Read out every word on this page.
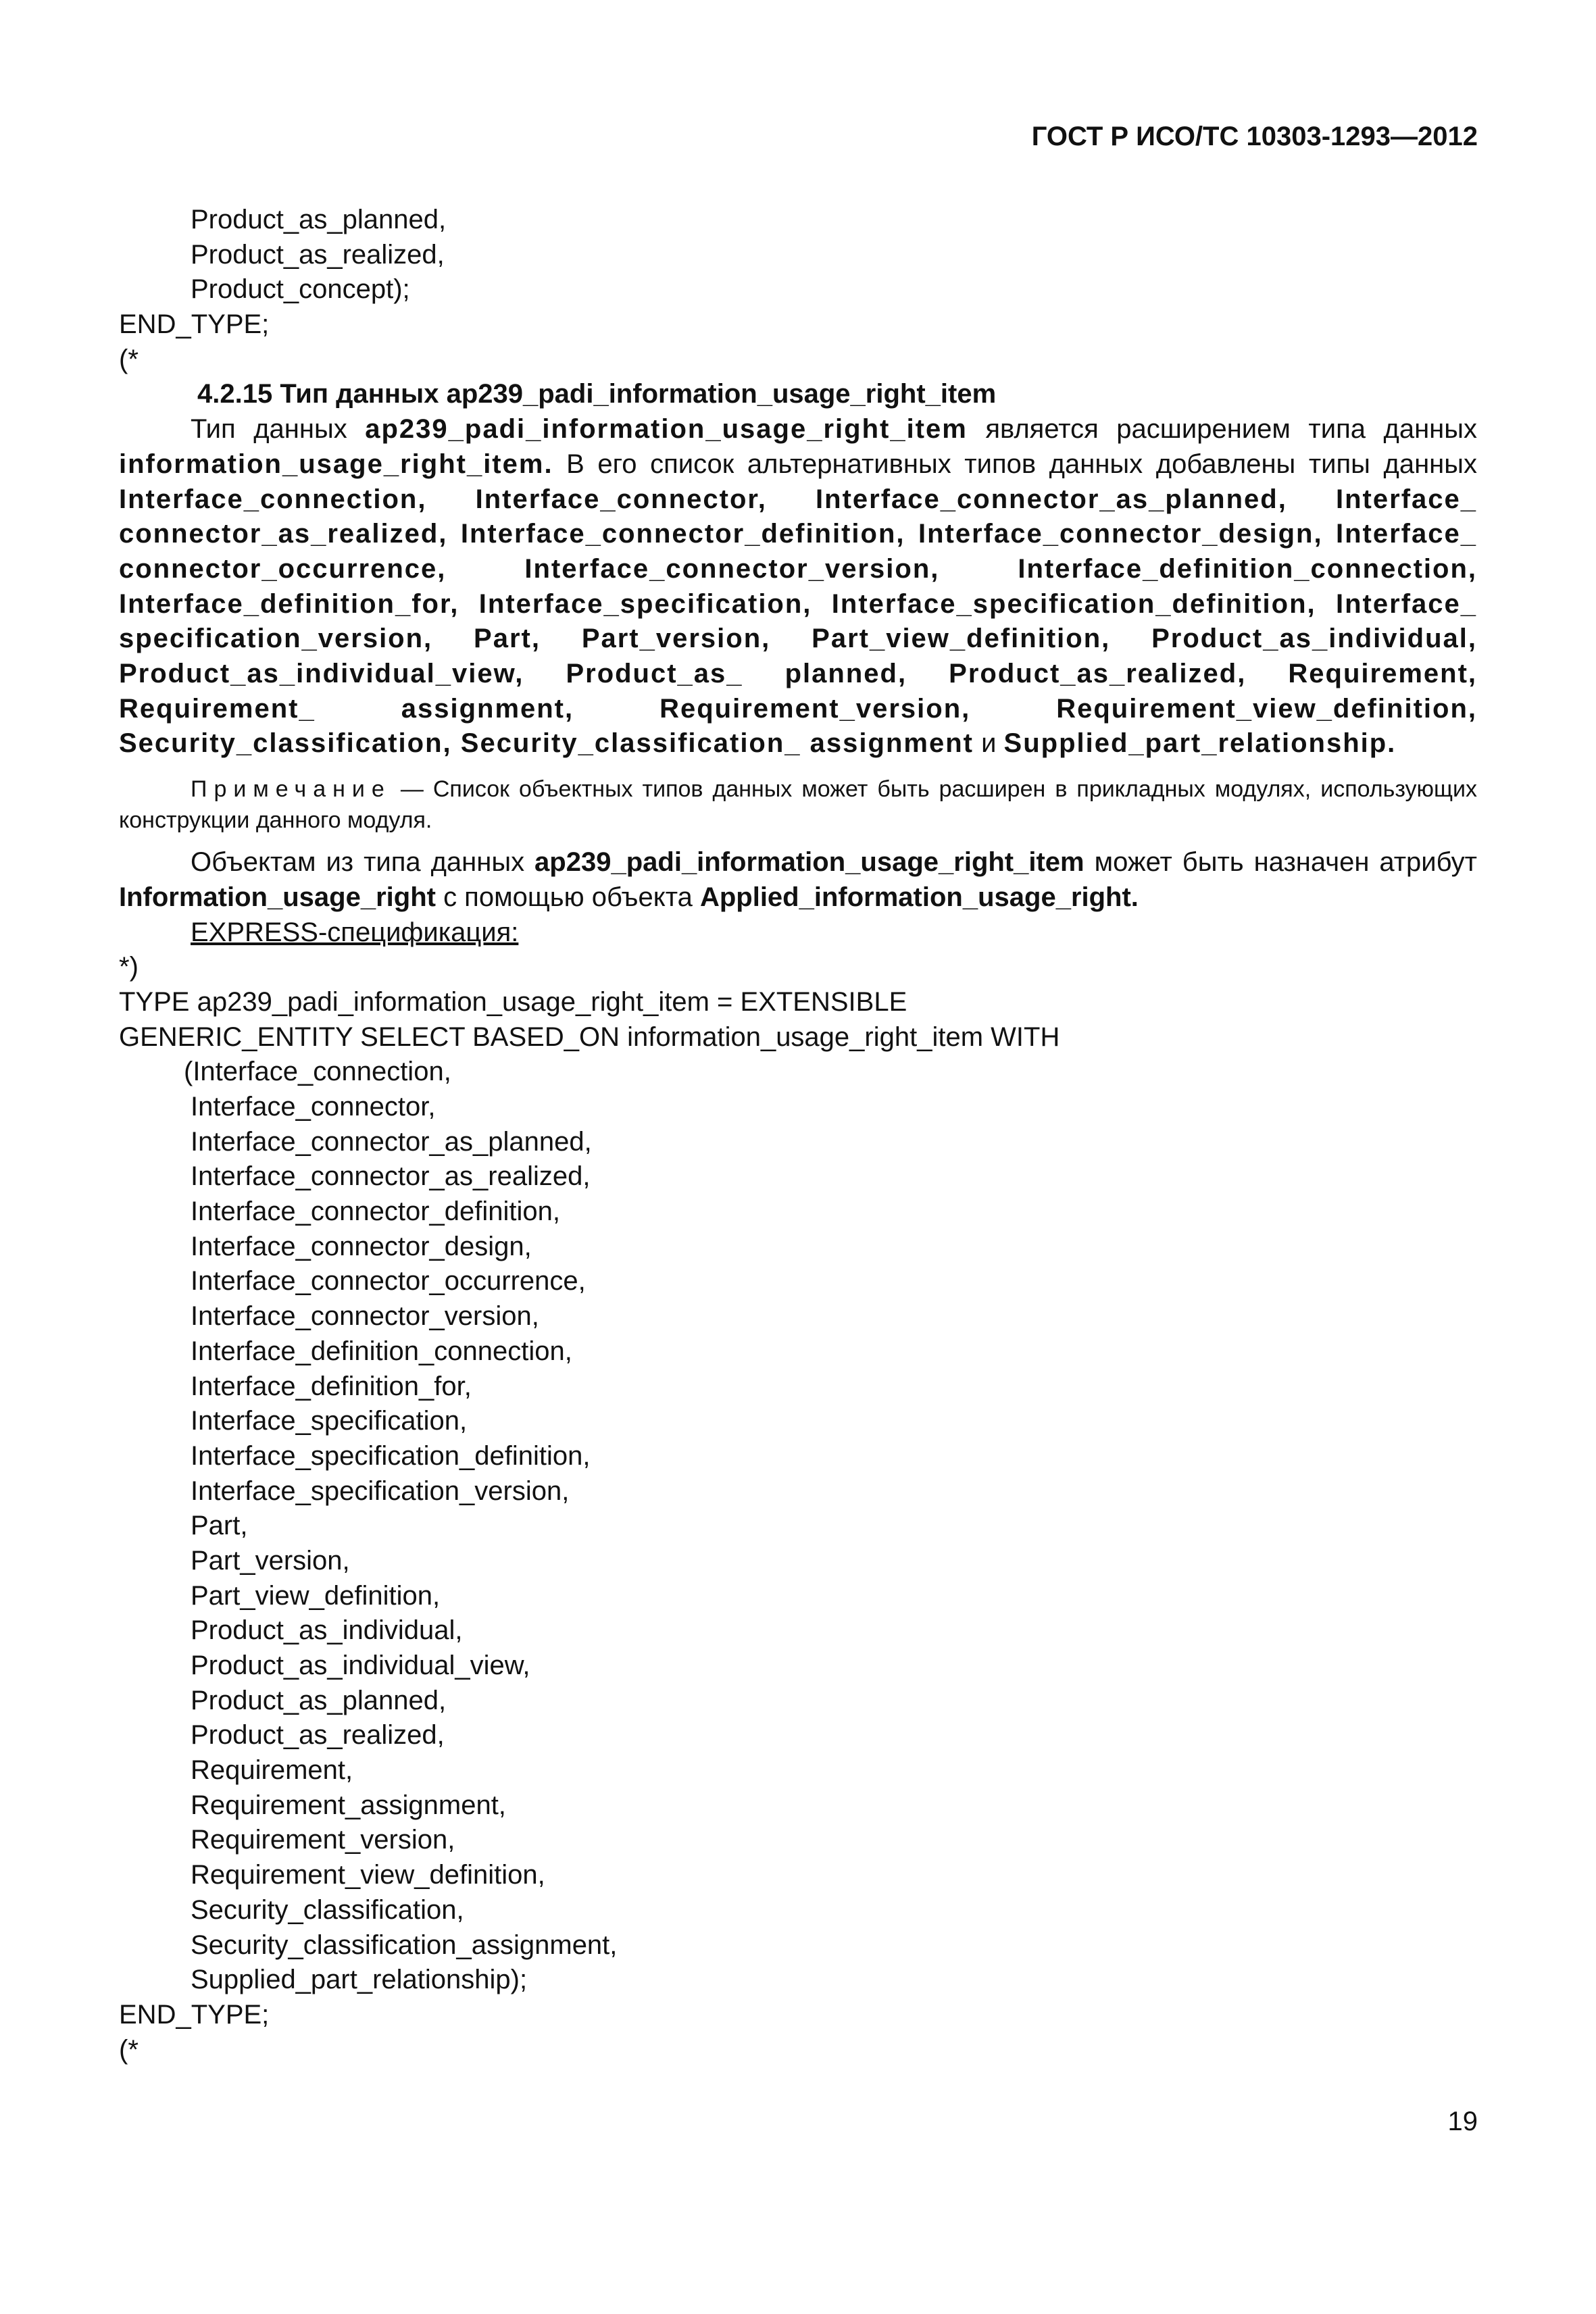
ГОСТ Р ИСО/ТС 10303-1293—2012
Product_as_planned,
Product_as_realized,
Product_concept);
END_TYPE;
(*
4.2.15 Тип данных ap239_padi_information_usage_right_item

Тип данных ap239_padi_information_usage_right_item является расширением типа данных information_usage_right_item. В его список альтернативных типов данных добавлены типы данных Interface_connection, Interface_connector, Interface_connector_as_planned, Interface_ connector_as_realized, Interface_connector_definition, Interface_connector_design, Interface_ connector_occurrence, Interface_connector_version, Interface_definition_connection, Interface_definition_for, Interface_specification, Interface_specification_definition, Interface_ specification_version, Part, Part_version, Part_view_definition, Product_as_individual, Product_as_individual_view, Product_as_ planned, Product_as_realized, Requirement, Requirement_ assignment, Requirement_version, Requirement_view_definition, Security_classification, Security_classification_ assignment и Supplied_part_relationship.

Примечание — Список объектных типов данных может быть расширен в прикладных модулях, использующих конструкции данного модуля.

Объектам из типа данных ap239_padi_information_usage_right_item может быть назначен атрибут Information_usage_right с помощью объекта Applied_information_usage_right.

EXPRESS-спецификация:
*)
TYPE ap239_padi_information_usage_right_item = EXTENSIBLE
GENERIC_ENTITY SELECT BASED_ON information_usage_right_item WITH
(Interface_connection,
Interface_connector,
Interface_connector_as_planned,
Interface_connector_as_realized,
Interface_connector_definition,
Interface_connector_design,
Interface_connector_occurrence,
Interface_connector_version,
Interface_definition_connection,
Interface_definition_for,
Interface_specification,
Interface_specification_definition,
Interface_specification_version,
Part,
Part_version,
Part_view_definition,
Product_as_individual,
Product_as_individual_view,
Product_as_planned,
Product_as_realized,
Requirement,
Requirement_assignment,
Requirement_version,
Requirement_view_definition,
Security_classification,
Security_classification_assignment,
Supplied_part_relationship);
END_TYPE;
(*
19
